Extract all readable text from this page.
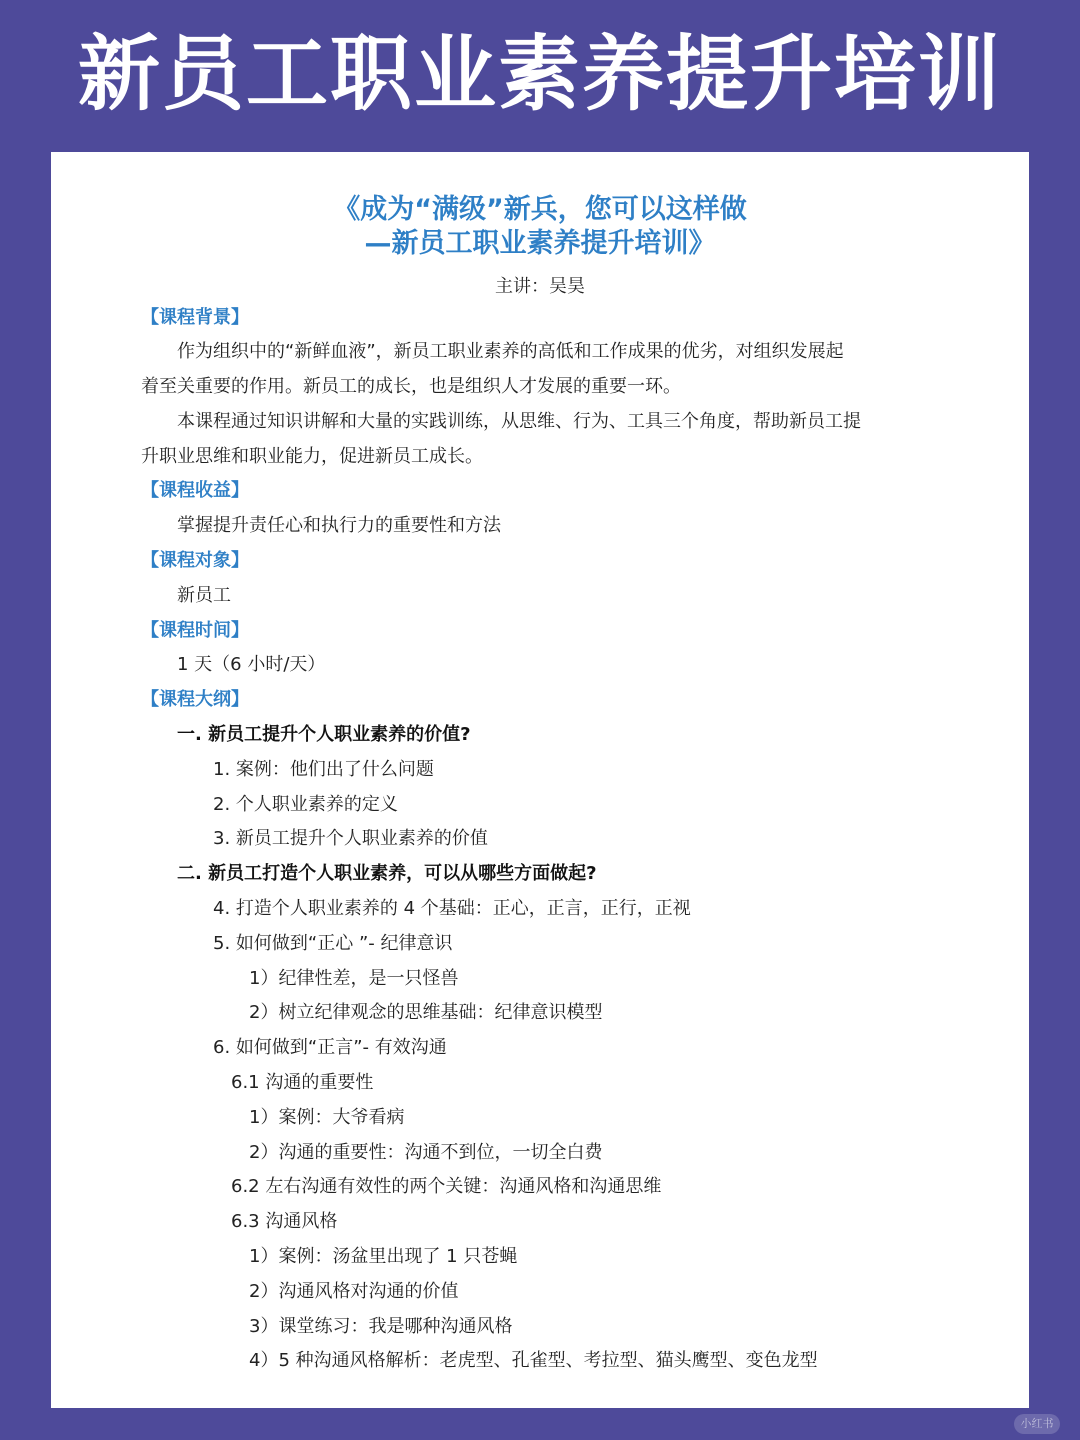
新员工职业素养提升培训
《成为“满级”新兵，您可以这样做
—新员工职业素养提升培训》
主讲：吴昊
【课程背景】
作为组织中的“新鲜血液”，新员工职业素养的高低和工作成果的优劣，对组织发展起
着至关重要的作用。新员工的成长，也是组织人才发展的重要一环。
本课程通过知识讲解和大量的实践训练，从思维、行为、工具三个角度，帮助新员工提
升职业思维和职业能力，促进新员工成长。
【课程收益】
掌握提升责任心和执行力的重要性和方法
【课程对象】
新员工
【课程时间】
1 天（6 小时/天）
【课程大纲】
一. 新员工提升个人职业素养的价值?
1. 案例：他们出了什么问题
2. 个人职业素养的定义
3. 新员工提升个人职业素养的价值
二. 新员工打造个人职业素养，可以从哪些方面做起?
4. 打造个人职业素养的 4 个基础：正心，正言，正行，正视
5. 如何做到“正心 ”- 纪律意识
1）纪律性差，是一只怪兽
2）树立纪律观念的思维基础：纪律意识模型
6. 如何做到“正言”- 有效沟通
6.1 沟通的重要性
1）案例：大爷看病
2）沟通的重要性：沟通不到位，一切全白费
6.2 左右沟通有效性的两个关键：沟通风格和沟通思维
6.3 沟通风格
1）案例：汤盆里出现了 1 只苍蝇
2）沟通风格对沟通的价值
3）课堂练习：我是哪种沟通风格
4）5 种沟通风格解析：老虎型、孔雀型、考拉型、猫头鹰型、变色龙型
小红书
